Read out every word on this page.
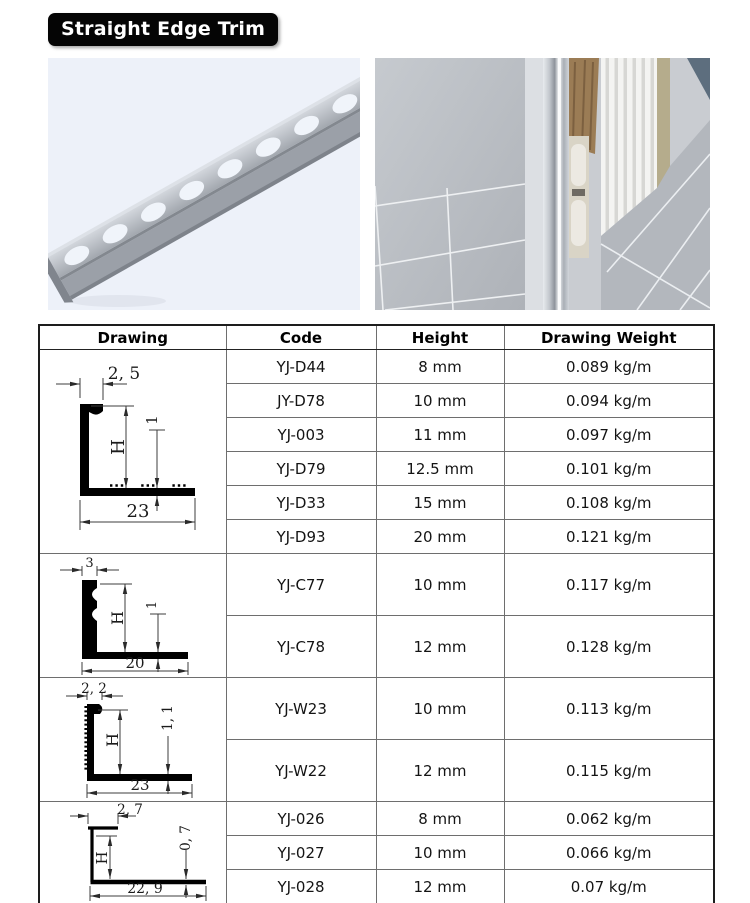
Straight Edge Trim
Drawing	Code	Height	Drawing Weight

2, 5
H
1
23	YJ-D44	8 mm	0.089 kg/m
	JY-D78	10 mm	0.094 kg/m
	YJ-003	11 mm	0.097 kg/m
	YJ-D79	12.5 mm	0.101 kg/m
	YJ-D33	15 mm	0.108 kg/m
	YJ-D93	20 mm	0.121 kg/m

3
H
1
20	YJ-C77	10 mm	0.117 kg/m
	YJ-C78	12 mm	0.128 kg/m

2, 2
H
1, 1
23	YJ-W23	10 mm	0.113 kg/m
	YJ-W22	12 mm	0.115 kg/m

2, 7
H
0, 7
22, 9	YJ-026	8 mm	0.062 kg/m
	YJ-027	10 mm	0.066 kg/m
	YJ-028	12 mm	0.07 kg/m
